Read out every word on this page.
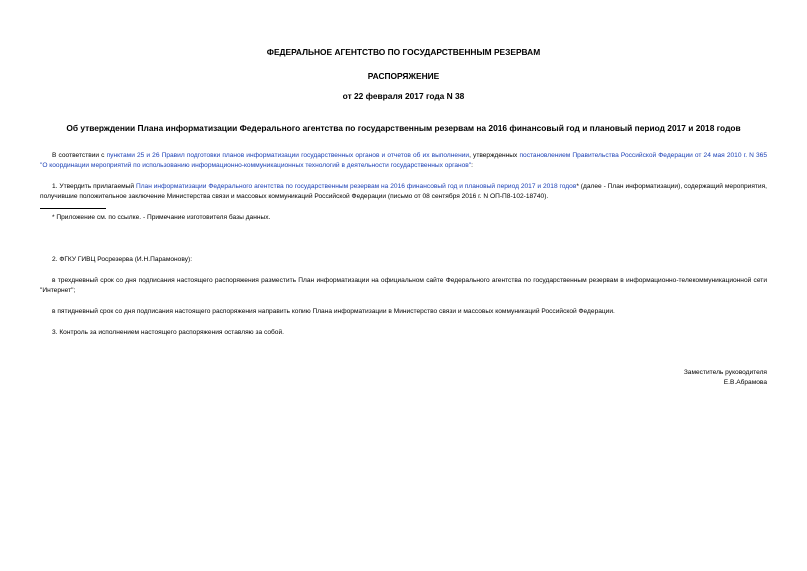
ФЕДЕРАЛЬНОЕ АГЕНТСТВО ПО ГОСУДАРСТВЕННЫМ РЕЗЕРВАМ
РАСПОРЯЖЕНИЕ
от 22 февраля 2017 года N 38
Об утверждении Плана информатизации Федерального агентства по государственным резервам на 2016 финансовый год и плановый период 2017 и 2018 годов
В соответствии с пунктами 25 и 26 Правил подготовки планов информатизации государственных органов и отчетов об их выполнении, утвержденных постановлением Правительства Российской Федерации от 24 мая 2010 г. N 365 "О координации мероприятий по использованию информационно-коммуникационных технологий в деятельности государственных органов":
1. Утвердить прилагаемый План информатизации Федерального агентства по государственным резервам на 2016 финансовый год и плановый период 2017 и 2018 годов* (далее - План информатизации), содержащий мероприятия, получившие положительное заключение Министерства связи и массовых коммуникаций Российской Федерации (письмо от 08 сентября 2016 г. N ОП-П8-102-18740).
* Приложение см. по ссылке. - Примечание изготовителя базы данных.
2. ФГКУ ГИВЦ Росрезерва (И.Н.Парамонову):
в трехдневный срок со дня подписания настоящего распоряжения разместить План информатизации на официальном сайте Федерального агентства по государственным резервам в информационно-телекоммуникационной сети "Интернет";
в пятидневный срок со дня подписания настоящего распоряжения направить копию Плана информатизации в Министерство связи и массовых коммуникаций Российской Федерации.
3. Контроль за исполнением настоящего распоряжения оставляю за собой.
Заместитель руководителя
Е.В.Абрамова
